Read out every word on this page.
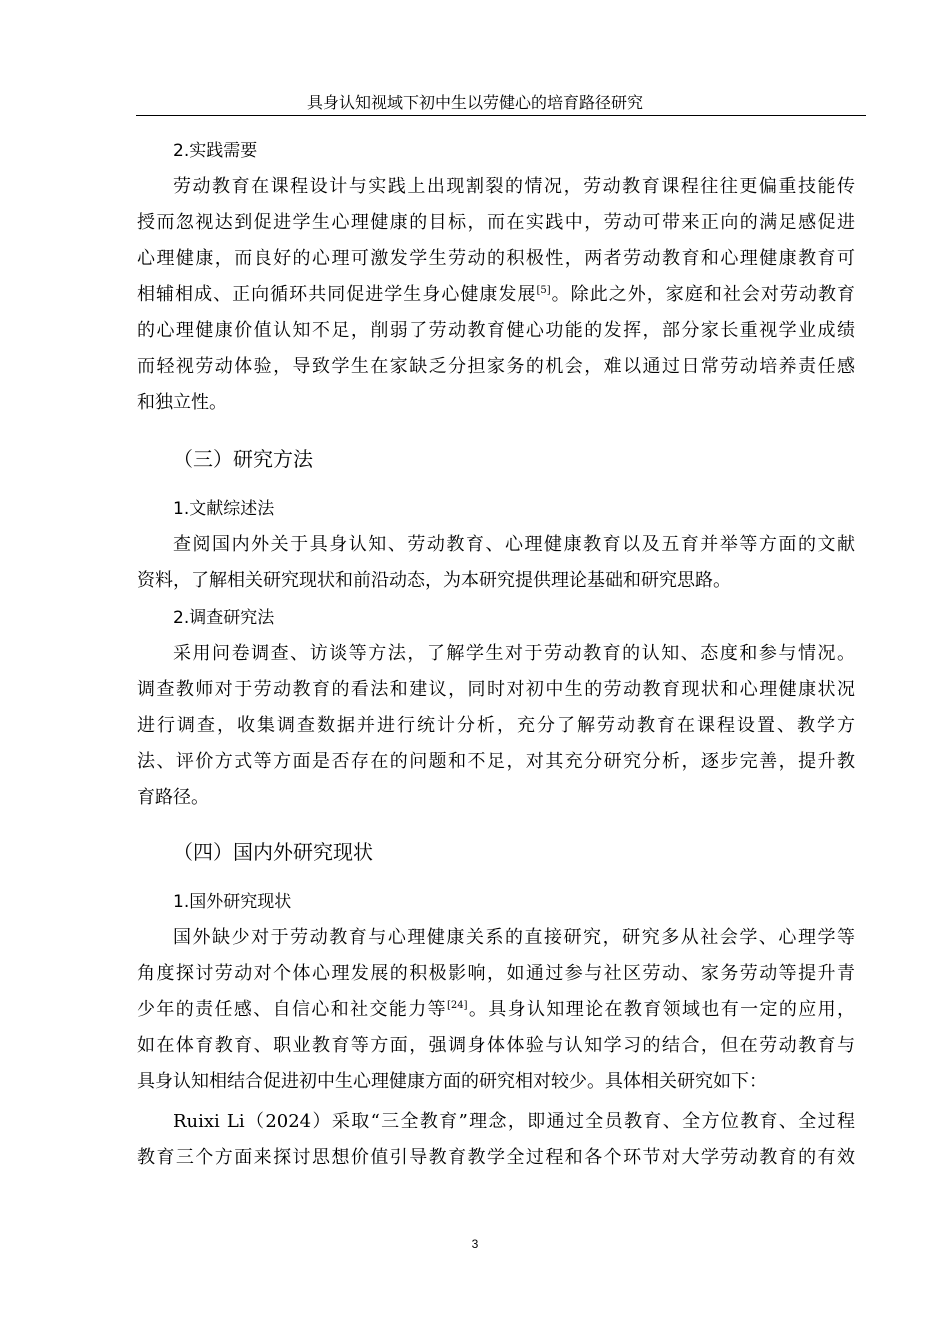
具身认知视域下初中生以劳健心的培育路径研究
2.实践需要
劳动教育在课程设计与实践上出现割裂的情况，劳动教育课程往往更偏重技能传
授而忽视达到促进学生心理健康的目标，而在实践中，劳动可带来正向的满足感促进
心理健康，而良好的心理可激发学生劳动的积极性，两者劳动教育和心理健康教育可
相辅相成、正向循环共同促进学生身心健康发展[5]。除此之外，家庭和社会对劳动教育
的心理健康价值认知不足，削弱了劳动教育健心功能的发挥，部分家长重视学业成绩
而轻视劳动体验，导致学生在家缺乏分担家务的机会，难以通过日常劳动培养责任感
和独立性。
（三）研究方法
1.文献综述法
查阅国内外关于具身认知、劳动教育、心理健康教育以及五育并举等方面的文献
资料，了解相关研究现状和前沿动态，为本研究提供理论基础和研究思路。
2.调查研究法
采用问卷调查、访谈等方法，了解学生对于劳动教育的认知、态度和参与情况。
调查教师对于劳动教育的看法和建议，同时对初中生的劳动教育现状和心理健康状况
进行调查，收集调查数据并进行统计分析，充分了解劳动教育在课程设置、教学方
法、评价方式等方面是否存在的问题和不足，对其充分研究分析，逐步完善，提升教
育路径。
（四）国内外研究现状
1.国外研究现状
国外缺少对于劳动教育与心理健康关系的直接研究，研究多从社会学、心理学等
角度探讨劳动对个体心理发展的积极影响，如通过参与社区劳动、家务劳动等提升青
少年的责任感、自信心和社交能力等[24]。具身认知理论在教育领域也有一定的应用，
如在体育教育、职业教育等方面，强调身体体验与认知学习的结合，但在劳动教育与
具身认知相结合促进初中生心理健康方面的研究相对较少。具体相关研究如下：
Ruixi Li（2024）采取“三全教育”理念，即通过全员教育、全方位教育、全过程
教育三个方面来探讨思想价值引导教育教学全过程和各个环节对大学劳动教育的有效
3
